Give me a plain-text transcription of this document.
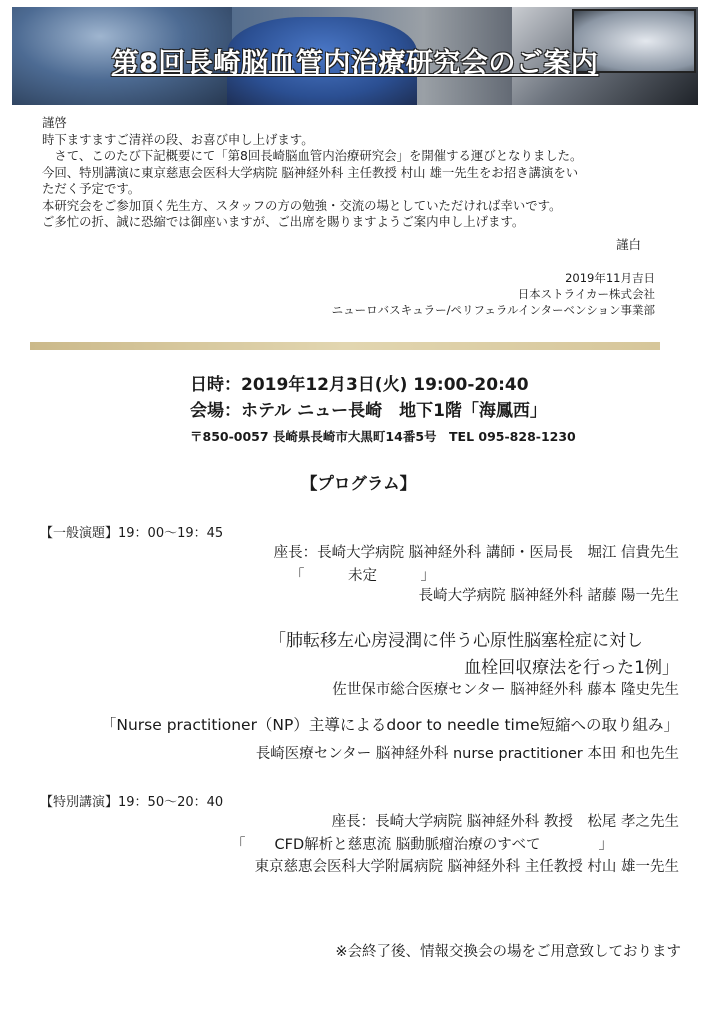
第8回長崎脳血管内治療研究会のご案内

謹啓

時下ますますご清祥の段、お喜び申し上げます。

　さて、このたび下記概要にて「第8回長崎脳血管内治療研究会」を開催する運びとなりました。

今回、特別講演に東京慈恵会医科大学病院 脳神経外科 主任教授 村山 雄一先生をお招き講演をい

ただく予定です。

本研究会をご参加頂く先生方、スタッフの方の勉強・交流の場としていただければ幸いです。

ご多忙の折、誠に恐縮では御座いますが、ご出席を賜りますようご案内申し上げます。

謹白
2019年11月吉日
日本ストライカー株式会社
ニューロバスキュラー/ペリフェラルインターベンション事業部
日時：2019年12月3日(火) 19:00-20:40
会場：ホテル ニュー長崎　地下1階「海鳳西」
〒850-0057 長崎県長崎市大黒町14番5号　TEL 095-828-1230
【プログラム】
【一般演題】19：00～19：45
座長：長崎大学病院 脳神経外科 講師・医局長　堀江 信貴先生
「　　　未定　　　」
長崎大学病院 脳神経外科 諸藤 陽一先生
「肺転移左心房浸潤に伴う心原性脳塞栓症に対し
血栓回収療法を行った1例」
佐世保市総合医療センター 脳神経外科 藤本 隆史先生
「Nurse practitioner（NP）主導によるdoor to needle time短縮への取り組み」
長崎医療センター 脳神経外科 nurse practitioner 本田 和也先生
【特別講演】19：50～20：40
座長：長崎大学病院 脳神経外科 教授　松尾 孝之先生
「　　CFD解析と慈恵流 脳動脈瘤治療のすべて　　　　」
東京慈恵会医科大学附属病院 脳神経外科 主任教授 村山 雄一先生
※会終了後、情報交換会の場をご用意致しております
